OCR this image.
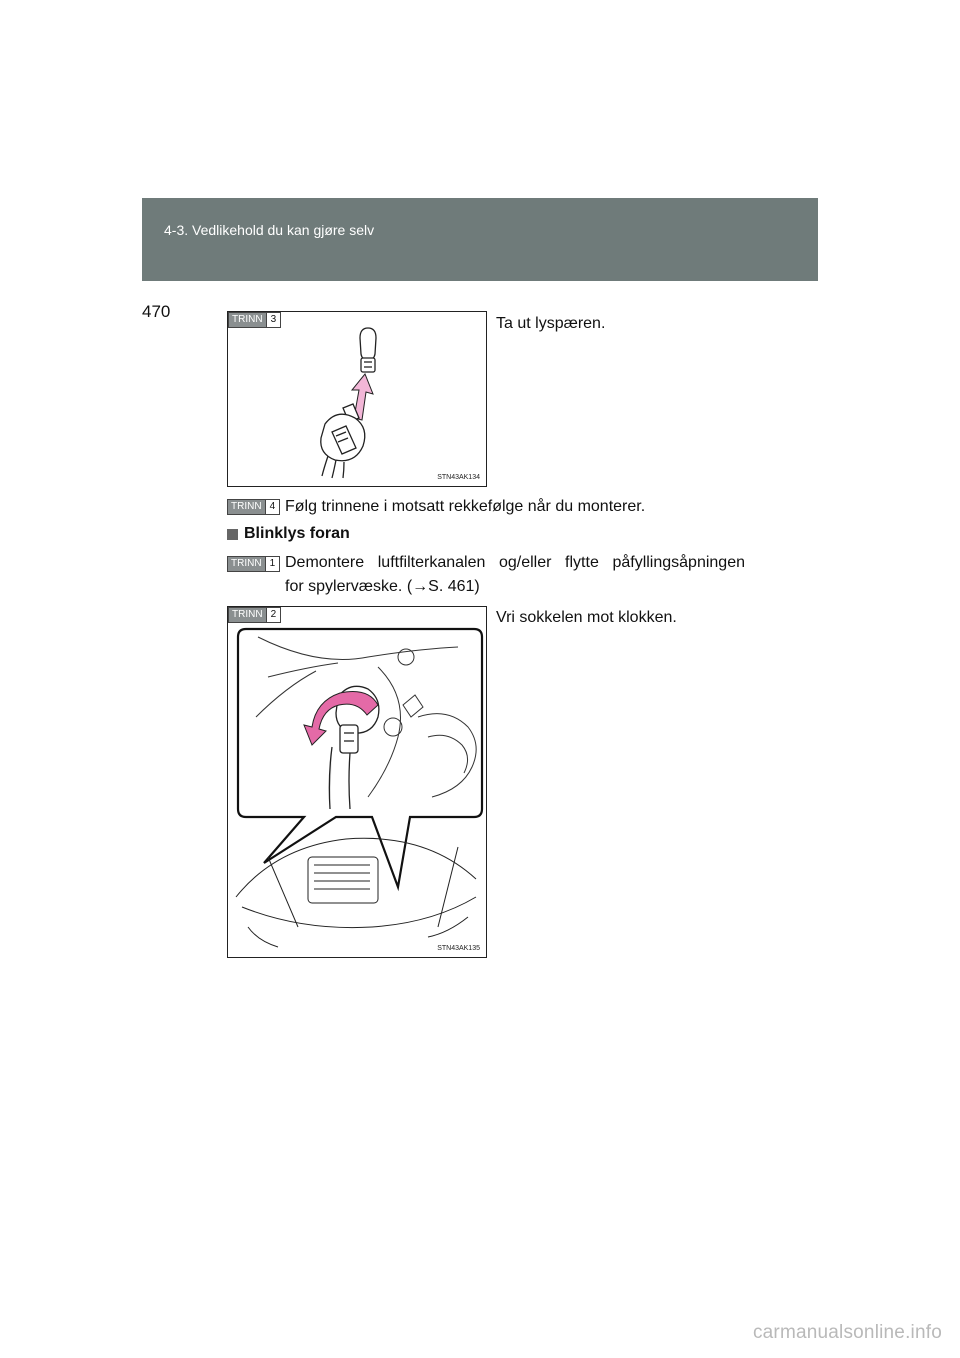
4-3. Vedlikehold du kan gjøre selv
470	TRINN 3
STN43AK134
Ta ut lyspæren.
TRINN 4 Følg trinnene i motsatt rekkefølge når du monterer.
Blinklys foran
TRINN 1 Demontere luftfilterkanalen og/eller flytte påfyllingsåpningen
for spylervæske. (→S. 461)
TRINN 2
STN43AK135
Vri sokkelen mot klokken.
carmanualsonline.info
